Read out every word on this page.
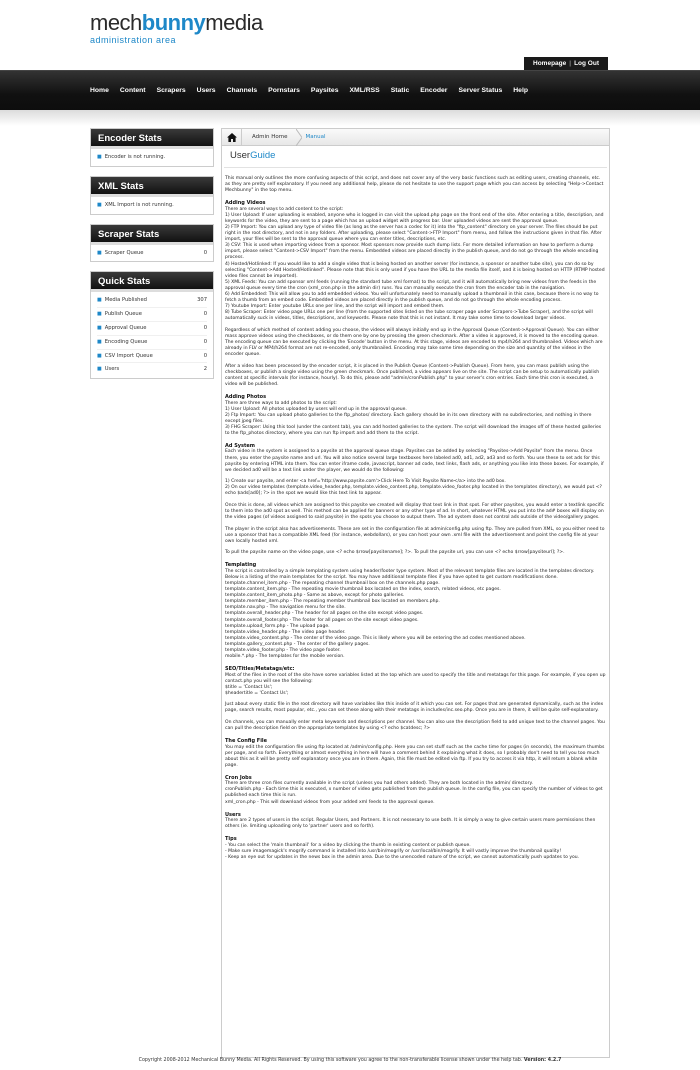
mechbunnymedia
administration area
Homepage | Log Out
Home Content Scrapers Users Channels Pornstars Paysites XML/RSS Static Encoder Server Status Help
Encoder Stats
■ Encoder is not running.
XML Stats
■ XML Import is not running.
Scraper Stats
■ Scraper Queue	0
Quick Stats
■ Media Published	307
■ Publish Queue	0
■ Approval Queue	0
■ Encoding Queue	0
■ CSV Import Queue	0
■ Users	2
Admin Home	Manual
UserGuide
This manual only outlines the more confusing aspects of this script, and does not cover any of the very basic functions such as editing users, creating channels, etc. as they are pretty self explanatory. If you need any additional help, please do not hesitate to use the support page which you can access by selecting "Help->Contact Mechbunny" in the top menu.
Adding Videos
There are several ways to add content to the script:
1) User Upload: If user uploading is enabled, anyone who is logged in can visit the upload.php page on the front end of the site. After entering a title, description, and keywords for the video, they are sent to a page which has an upload widget with progress bar. User uploaded videos are sent the approval queue.
2) FTP Import: You can upload any type of video file (as long as the server has a codec for it) into the "ftp_content" directory on your server. The files should be put right in the root directory, and not in any folders. After uploading, please select "Content->FTP Import" from menu, and follow the instructions given in that file. After import, your files will be sent to the approval queue where you can enter titles, descriptions, etc.
3) CSV: This is used when importing videos from a sponsor. Most sponsors now provide such dump lists. For more detailed information on how to perform a dump import, please select "Content->CSV Import" from the menu. Embedded videos are placed directly in the publish queue, and do not go through the whole encoding process.
4) Hosted/Hotlinked: If you would like to add a single video that is being hosted on another server (for instance, a sponsor or another tube site), you can do so by selecting "Content->Add Hosted/Hotlinked". Please note that this is only used if you have the URL to the media file itself, and it is being hosted on HTTP (RTMP hosted video files cannot be imported).
5) XML Feeds: You can add sponsor xml feeds (running the standard tube xml format) to the script, and it will automatically bring new videos from the feeds in the approval queue every time the cron (xml_cron.php in the admin dir) runs. You can manually execute the cron from the encoder tab in the navigation.
6) Add Embedded: This will allow you to add embedded videos. You will unfortunately need to manually upload a thumbnail in this case, because there is no way to fetch a thumb from an embed code. Embedded videos are placed directly in the publish queue, and do not go through the whole encoding process.
7) Youtube Import: Enter youtube URLs one per line, and the script will import and embed them.
8) Tube Scraper: Enter video page URLs one per line (from the supported sites listed on the tube scraper page under Scrapers->Tube Scraper), and the script will automatically suck in videos, titles, descriptions, and keywords. Please note that this is not instant. It may take some time to download larger videos.
Regardless of which method of content adding you choose, the videos will always initially end up in the Approval Queue (Content->Approval Queue). You can either mass approve videos using the checkboxes, or do them one by one by pressing the green checkmark. After a video is approved, it is moved to the encoding queue. The encoding queue can be executed by clicking the 'Encode' button in the menu. At this stage, videos are encoded to mp4/h264 and thumbnailed. Videos which are already in FLV or MP4/h264 format are not re-encoded, only thumbnailed. Encoding may take some time depending on the size and quantity of the videos in the encoder queue.
After a video has been processed by the encoder script, it is placed in the Publish Queue (Content->Publish Queue). From here, you can mass publish using the checkboxes, or publish a single video using the green checkmark. Once published, a video appears live on the site. The script can be setup to automatically publish content at specific intervals (for instance, hourly). To do this, please add "admin/cronPublish.php" to your server's cron entries. Each time this cron is executed, a video will be published.
Adding Photos
There are three ways to add photos to the script:
1) User Upload: All photos uploaded by users will end up in the approval queue.
2) Ftp Import: You can upload photo galleries to the ftp_photos/ directory. Each gallery should be in its own directory with no subdirectories, and nothing in there except jpeg files.
3) FHG Scraper: Using this tool (under the content tab), you can add hosted galleries to the system. The script will download the images off of these hosted galleries to the ftp_photos directory, where you can run ftp import and add them to the script.
Ad System
Each video in the system is assigned to a paysite at the approval queue stage. Paysites can be added by selecting "Paysites->Add Paysite" from the menu. Once there, you enter the paysite name and url. You will also notice several large textboxes here labeled ad0, ad1, ad2, ad3 and so forth. You use these to set ads for this paysite by entering HTML into them. You can enter iframe code, javascript, banner ad code, text links, flash ads, or anything you like into these boxes. For example, if we decided ad0 will be a text link under the player, we would do the following:
1) Create our paysite, and enter <a href='http://www.paysite.com'>Click Here To Visit Paysite Name</a> into the ad0 box.
2) On our video templates (template.video_header.php, template.video_content.php, template.video_footer.php located in the templates directory), we would put <? echo $ads[ad0]; ?> in the spot we would like this text link to appear.
Once this is done, all videos which are assigned to this paysite we created will display that text link in that spot. For other paysites, you would enter a textlink specific to them into the ad0 spot as well. This method can be applied for banners or any other type of ad. In short, whatever HTML you put into the ad# boxes will display on the video pages (of videos assigned to said paysite) in the spots you choose to output them. The ad system does not control ads outside of the video/gallery pages.
The player in the script also has advertisements. These are set in the configuration file at admin/config.php using ftp. They are pulled from XML, so you either need to use a sponsor that has a compatible XML feed (for instance, webdollars), or you can host your own .xml file with the advertisement and point the config file at your own locally hosted xml.
To pull the paysite name on the video page, use <? echo $rrow[paysitename]; ?>. To pull the paysite url, you can use <? echo $rrow[paysiteurl]; ?>.
Templating
The script is controlled by a simple templating system using header/footer type system. Most of the relevant template files are located in the templates directory. Below is a listing of the main templates for the script. You may have additional template files if you have opted to get custom modifications done.
template.channel_item.php - The repeating channel thumbnail box on the channels.php page.
template.content_item.php - The repeating movie thumbnail box located on the index, search, related videos, etc pages.
template.content_item_photo.php - Same as above, except for photo galleries.
template.member_item.php - The repeating member thumbnail box located on members.php.
template.nav.php - The navigation menu for the site.
template.overall_header.php - The header for all pages on the site except video pages.
template.overall_footer.php - The footer for all pages on the site except video pages.
template.upload_form.php - The upload page.
template.video_header.php - The video page header.
template.video_content.php - The center of the video page. This is likely where you will be entering the ad codes mentioned above.
template.gallery_content.php - The center of the gallery pages.
template.video_footer.php - The video page footer.
mobile.*.php - The templates for the mobile version.
SEO/Titles/Metatags/etc:
Most of the files in the root of the site have some variables listed at the top which are used to specify the title and metatags for this page. For example, if you open up contact.php you will see the following:
$title = 'Contact Us';
$headertitle = 'Contact Us';
Just about every static file in the root directory will have variables like this inside of it which you can set. For pages that are generated dynamically, such as the index page, search results, most popular, etc., you can set these along with their metatags in includes/inc.seo.php. Once you are in there, it will be quite self-explanatory.
On channels, you can manually enter meta keywords and descriptions per channel. You can also use the description field to add unique text to the channel pages. You can pull the description field on the appropriate templates by using <? echo $catdesc; ?>
The Config File
You may edit the configuration file using ftp located at /admin/config.php. Here you can set stuff such as the cache time for pages (in seconds), the maximum thumbs per page, and so forth. Everything or almost everything in here will have a comment behind it explaining what it does, so I probably don't need to tell you too much about this as it will be pretty self explanatory once you are in there. Again, this file must be edited via ftp. If you try to access it via http, it will return a blank white page.
Cron Jobs
There are three cron files currently available in the script (unless you had others added). They are both located in the admin/ directory.
cronPublish.php - Each time this is executed, x number of video gets published from the publish queue. In the config file, you can specify the number of videos to get published each time this is run.
xml_cron.php - This will download videos from your added xml feeds to the approval queue.
Users
There are 2 types of users in the script. Regular Users, and Partners. It is not nessesary to use both. It is simply a way to give certain users more permissions then others (ie. limiting uploading only to 'partner' users and so forth).
Tips
- You can select the 'main thumbnail' for a video by clicking the thumb in existing content or publish queue.
- Make sure imagemagick's mogrify command is installed into /usr/bin/mogrify or /usr/local/bin/mogrify. It will vastly improve the thumbnail quality!
- Keep an eye out for updates in the news box in the admin area. Due to the unencoded nature of the script, we cannot automatically push updates to you.
Copyright 2008-2012 Mechanical Bunny Media. All Rights Reserved. By using this software you agree to the non-transferable license shown under the help tab. Version: 4.2.7
